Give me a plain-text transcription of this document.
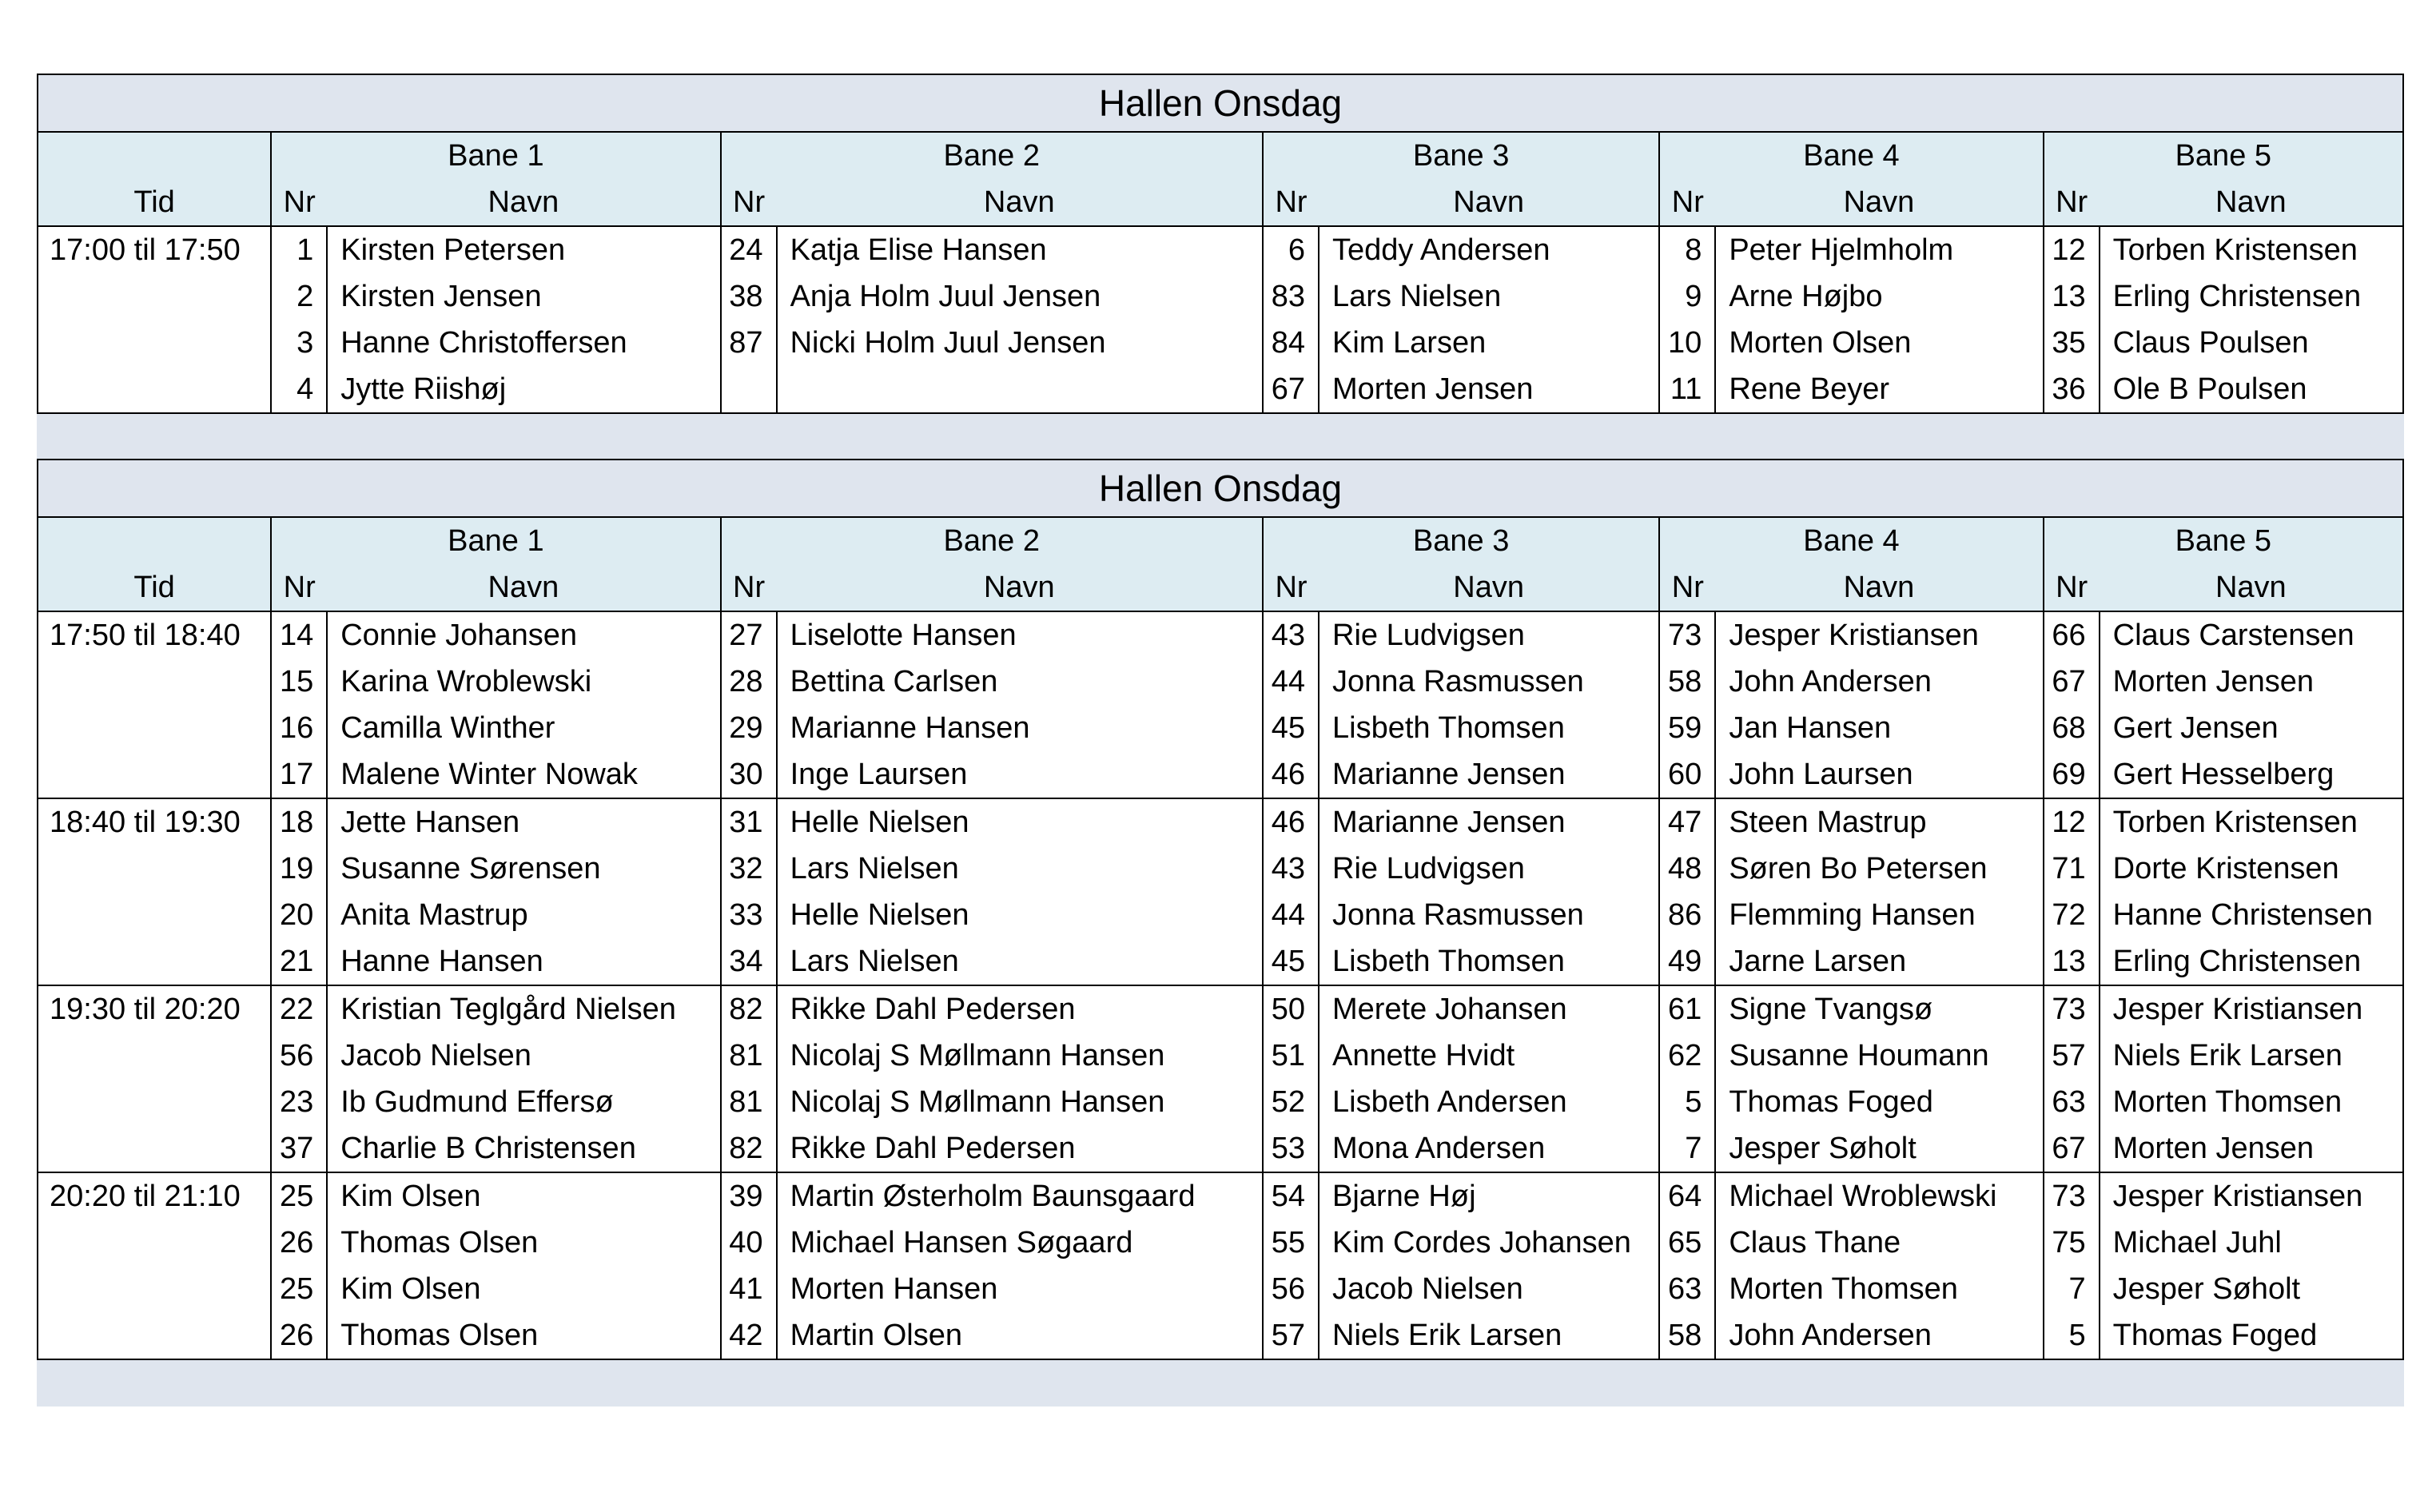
Hallen Onsdag
	Bane 1		Bane 2		Bane 3		Bane 4		Bane 5	
Tid	Nr	Navn	Nr	Navn	Nr	Navn	Nr	Navn	Nr	Navn
17:00 til 17:50	1	Kirsten Petersen	24	Katja Elise Hansen	6	Teddy Andersen	8	Peter Hjelmholm	12	Torben Kristensen
	2	Kirsten Jensen	38	Anja Holm Juul Jensen	83	Lars Nielsen	9	Arne Højbo	13	Erling Christensen
	3	Hanne Christoffersen	87	Nicki Holm Juul Jensen	84	Kim Larsen	10	Morten Olsen	35	Claus Poulsen
	4	Jytte Riishøj			67	Morten Jensen	11	Rene Beyer	36	Ole B Poulsen
Hallen Onsdag
	Bane 1		Bane 2		Bane 3		Bane 4		Bane 5	
Tid	Nr	Navn	Nr	Navn	Nr	Navn	Nr	Navn	Nr	Navn
17:50 til 18:40	14	Connie Johansen	27	Liselotte Hansen	43	Rie Ludvigsen	73	Jesper Kristiansen	66	Claus Carstensen
	15	Karina Wroblewski	28	Bettina Carlsen	44	Jonna Rasmussen	58	John Andersen	67	Morten Jensen
	16	Camilla Winther	29	Marianne Hansen	45	Lisbeth Thomsen	59	Jan Hansen	68	Gert Jensen
	17	Malene Winter Nowak	30	Inge Laursen	46	Marianne Jensen	60	John Laursen	69	Gert Hesselberg
18:40 til 19:30	18	Jette Hansen	31	Helle Nielsen	46	Marianne Jensen	47	Steen Mastrup	12	Torben Kristensen
	19	Susanne Sørensen	32	Lars Nielsen	43	Rie Ludvigsen	48	Søren Bo Petersen	71	Dorte Kristensen
	20	Anita Mastrup	33	Helle Nielsen	44	Jonna Rasmussen	86	Flemming Hansen	72	Hanne Christensen
	21	Hanne Hansen	34	Lars Nielsen	45	Lisbeth Thomsen	49	Jarne Larsen	13	Erling Christensen
19:30 til 20:20	22	Kristian Teglgård Nielsen	82	Rikke Dahl Pedersen	50	Merete Johansen	61	Signe Tvangsø	73	Jesper Kristiansen
	56	Jacob Nielsen	81	Nicolaj S Møllmann Hansen	51	Annette Hvidt	62	Susanne Houmann	57	Niels Erik Larsen
	23	Ib Gudmund Effersø	81	Nicolaj S Møllmann Hansen	52	Lisbeth Andersen	5	Thomas Foged	63	Morten Thomsen
	37	Charlie B Christensen	82	Rikke Dahl Pedersen	53	Mona Andersen	7	Jesper Søholt	67	Morten Jensen
20:20 til 21:10	25	Kim Olsen	39	Martin Østerholm Baunsgaard	54	Bjarne Høj	64	Michael Wroblewski	73	Jesper Kristiansen
	26	Thomas Olsen	40	Michael Hansen Søgaard	55	Kim Cordes Johansen	65	Claus Thane	75	Michael Juhl
	25	Kim Olsen	41	Morten Hansen	56	Jacob Nielsen	63	Morten Thomsen	7	Jesper Søholt
	26	Thomas Olsen	42	Martin Olsen	57	Niels Erik Larsen	58	John Andersen	5	Thomas Foged
